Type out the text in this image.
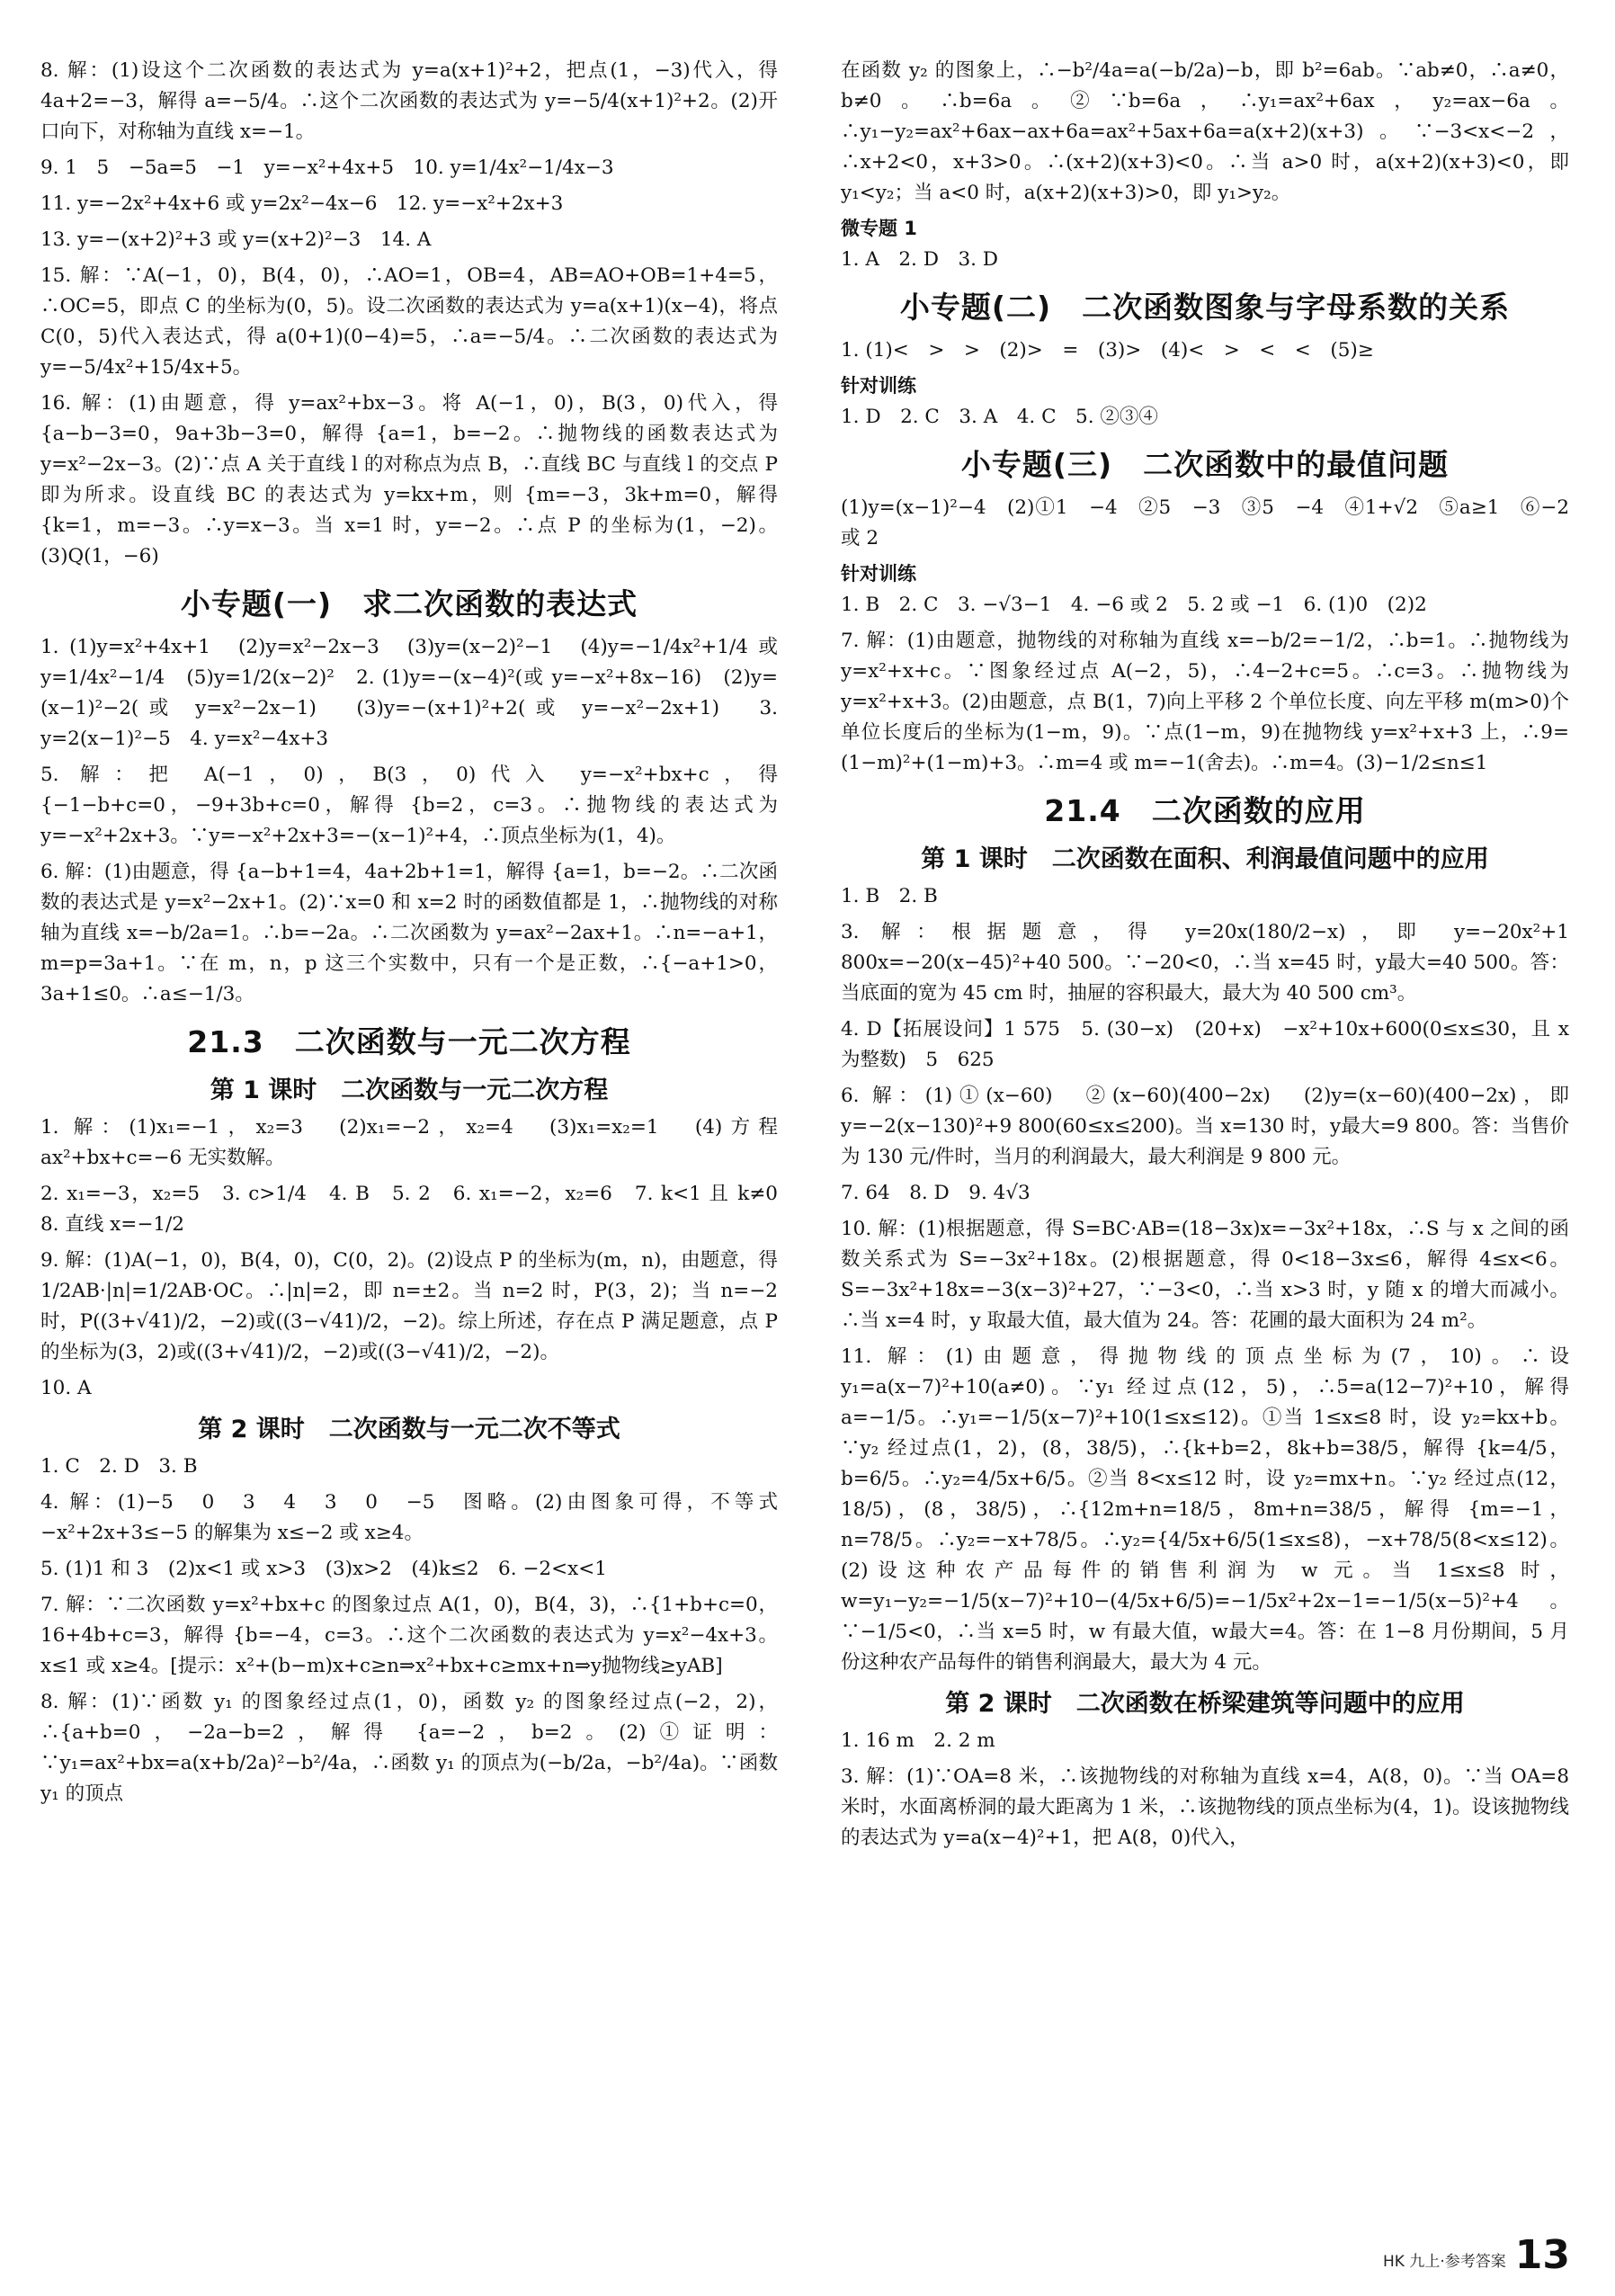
8. 解：(1)设这个二次函数的表达式为 y=a(x+1)²+2，把点(1，−3)代入，得 4a+2=−3，解得 a=−5/4。∴这个二次函数的表达式为 y=−5/4(x+1)²+2。(2)开口向下，对称轴为直线 x=−1。

9. 1　5　−5a=5　−1　y=−x²+4x+5　10. y=1/4x²−1/4x−3

11. y=−2x²+4x+6 或 y=2x²−4x−6　12. y=−x²+2x+3

13. y=−(x+2)²+3 或 y=(x+2)²−3　14. A

15. 解：∵A(−1，0)，B(4，0)，∴AO=1，OB=4，AB=AO+OB=1+4=5，∴OC=5，即点 C 的坐标为(0，5)。设二次函数的表达式为 y=a(x+1)(x−4)，将点 C(0，5)代入表达式，得 a(0+1)(0−4)=5，∴a=−5/4。∴二次函数的表达式为 y=−5/4x²+15/4x+5。

16. 解：(1)由题意，得 y=ax²+bx−3。将 A(−1，0)，B(3，0)代入，得 {a−b−3=0，9a+3b−3=0，解得 {a=1，b=−2。∴抛物线的函数表达式为 y=x²−2x−3。(2)∵点 A 关于直线 l 的对称点为点 B，∴直线 BC 与直线 l 的交点 P 即为所求。设直线 BC 的表达式为 y=kx+m，则 {m=−3，3k+m=0，解得 {k=1，m=−3。∴y=x−3。当 x=1 时，y=−2。∴点 P 的坐标为(1，−2)。(3)Q(1，−6)

小专题(一)　求二次函数的表达式

1. (1)y=x²+4x+1　(2)y=x²−2x−3　(3)y=(x−2)²−1　(4)y=−1/4x²+1/4 或 y=1/4x²−1/4　(5)y=1/2(x−2)²　2. (1)y=−(x−4)²(或 y=−x²+8x−16)　(2)y=(x−1)²−2(或 y=x²−2x−1)　(3)y=−(x+1)²+2(或 y=−x²−2x+1)　3. y=2(x−1)²−5　4. y=x²−4x+3

5. 解：把 A(−1，0)，B(3，0)代入 y=−x²+bx+c，得 {−1−b+c=0，−9+3b+c=0，解得 {b=2，c=3。∴抛物线的表达式为 y=−x²+2x+3。∵y=−x²+2x+3=−(x−1)²+4，∴顶点坐标为(1，4)。

6. 解：(1)由题意，得 {a−b+1=4，4a+2b+1=1，解得 {a=1，b=−2。∴二次函数的表达式是 y=x²−2x+1。(2)∵x=0 和 x=2 时的函数值都是 1，∴抛物线的对称轴为直线 x=−b/2a=1。∴b=−2a。∴二次函数为 y=ax²−2ax+1。∴n=−a+1，m=p=3a+1。∵在 m，n，p 这三个实数中，只有一个是正数，∴{−a+1>0，3a+1≤0。∴a≤−1/3。

21.3　二次函数与一元二次方程
第 1 课时　二次函数与一元二次方程

1. 解：(1)x₁=−1，x₂=3　(2)x₁=−2，x₂=4　(3)x₁=x₂=1　(4)方程 ax²+bx+c=−6 无实数解。

2. x₁=−3，x₂=5　3. c>1/4　4. B　5. 2　6. x₁=−2，x₂=6　7. k<1 且 k≠0　8. 直线 x=−1/2

9. 解：(1)A(−1，0)，B(4，0)，C(0，2)。(2)设点 P 的坐标为(m，n)，由题意，得 1/2AB·|n|=1/2AB·OC。∴|n|=2，即 n=±2。当 n=2 时，P(3，2)；当 n=−2 时，P((3+√41)/2，−2)或((3−√41)/2，−2)。综上所述，存在点 P 满足题意，点 P 的坐标为(3，2)或((3+√41)/2，−2)或((3−√41)/2，−2)。

10. A

第 2 课时　二次函数与一元二次不等式

1. C　2. D　3. B

4. 解：(1)−5　0　3　4　3　0　−5　图略。(2)由图象可得，不等式 −x²+2x+3≤−5 的解集为 x≤−2 或 x≥4。

5. (1)1 和 3　(2)x<1 或 x>3　(3)x>2　(4)k≤2　6. −2<x<1

7. 解：∵二次函数 y=x²+bx+c 的图象过点 A(1，0)，B(4，3)，∴{1+b+c=0，16+4b+c=3，解得 {b=−4，c=3。∴这个二次函数的表达式为 y=x²−4x+3。x≤1 或 x≥4。[提示：x²+(b−m)x+c≥n⇒x²+bx+c≥mx+n⇒y抛物线≥yAB]

8. 解：(1)∵函数 y₁ 的图象经过点(1，0)，函数 y₂ 的图象经过点(−2，2)，∴{a+b=0，−2a−b=2，解得 {a=−2，b=2。(2)①证明：∵y₁=ax²+bx=a(x+b/2a)²−b²/4a，∴函数 y₁ 的顶点为(−b/2a，−b²/4a)。∵函数 y₁ 的顶点

在函数 y₂ 的图象上，∴−b²/4a=a(−b/2a)−b，即 b²=6ab。∵ab≠0，∴a≠0，b≠0。∴b=6a。②∵b=6a，∴y₁=ax²+6ax，y₂=ax−6a。∴y₁−y₂=ax²+6ax−ax+6a=ax²+5ax+6a=a(x+2)(x+3)。∵−3<x<−2，∴x+2<0，x+3>0。∴(x+2)(x+3)<0。∴当 a>0 时，a(x+2)(x+3)<0，即 y₁<y₂；当 a<0 时，a(x+2)(x+3)>0，即 y₁>y₂。

微专题 1

1. A　2. D　3. D

小专题(二)　二次函数图象与字母系数的关系

1. (1)<　>　>　(2)>　=　(3)>　(4)<　>　<　<　(5)≥

针对训练

1. D　2. C　3. A　4. C　5. ②③④

小专题(三)　二次函数中的最值问题

(1)y=(x−1)²−4　(2)①1　−4　②5　−3　③5　−4　④1+√2　⑤a≥1　⑥−2 或 2

针对训练

1. B　2. C　3. −√3−1　4. −6 或 2　5. 2 或 −1　6. (1)0　(2)2

7. 解：(1)由题意，抛物线的对称轴为直线 x=−b/2=−1/2，∴b=1。∴抛物线为 y=x²+x+c。∵图象经过点 A(−2，5)，∴4−2+c=5。∴c=3。∴抛物线为 y=x²+x+3。(2)由题意，点 B(1，7)向上平移 2 个单位长度、向左平移 m(m>0)个单位长度后的坐标为(1−m，9)。∵点(1−m，9)在抛物线 y=x²+x+3 上，∴9=(1−m)²+(1−m)+3。∴m=4 或 m=−1(舍去)。∴m=4。(3)−1/2≤n≤1

21.4　二次函数的应用
第 1 课时　二次函数在面积、利润最值问题中的应用

1. B　2. B

3. 解：根据题意，得 y=20x(180/2−x)，即 y=−20x²+1 800x=−20(x−45)²+40 500。∵−20<0，∴当 x=45 时，y最大=40 500。答：当底面的宽为 45 cm 时，抽屉的容积最大，最大为 40 500 cm³。

4. D【拓展设问】1 575　5. (30−x)　(20+x)　−x²+10x+600(0≤x≤30，且 x 为整数)　5　625

6. 解：(1)①(x−60)　②(x−60)(400−2x)　(2)y=(x−60)(400−2x)，即 y=−2(x−130)²+9 800(60≤x≤200)。当 x=130 时，y最大=9 800。答：当售价为 130 元/件时，当月的利润最大，最大利润是 9 800 元。

7. 64　8. D　9. 4√3

10. 解：(1)根据题意，得 S=BC·AB=(18−3x)x=−3x²+18x，∴S 与 x 之间的函数关系式为 S=−3x²+18x。(2)根据题意，得 0<18−3x≤6，解得 4≤x<6。S=−3x²+18x=−3(x−3)²+27，∵−3<0，∴当 x>3 时，y 随 x 的增大而减小。∴当 x=4 时，y 取最大值，最大值为 24。答：花圃的最大面积为 24 m²。

11. 解：(1)由题意，得抛物线的顶点坐标为(7，10)。∴设 y₁=a(x−7)²+10(a≠0)。∵y₁ 经过点(12，5)，∴5=a(12−7)²+10，解得 a=−1/5。∴y₁=−1/5(x−7)²+10(1≤x≤12)。①当 1≤x≤8 时，设 y₂=kx+b。∵y₂ 经过点(1，2)，(8，38/5)，∴{k+b=2，8k+b=38/5，解得 {k=4/5，b=6/5。∴y₂=4/5x+6/5。②当 8<x≤12 时，设 y₂=mx+n。∵y₂ 经过点(12，18/5)，(8，38/5)，∴{12m+n=18/5，8m+n=38/5，解得 {m=−1，n=78/5。∴y₂=−x+78/5。∴y₂={4/5x+6/5(1≤x≤8)，−x+78/5(8<x≤12)。(2)设这种农产品每件的销售利润为 w 元。当 1≤x≤8 时，w=y₁−y₂=−1/5(x−7)²+10−(4/5x+6/5)=−1/5x²+2x−1=−1/5(x−5)²+4。∵−1/5<0，∴当 x=5 时，w 有最大值，w最大=4。答：在 1−8 月份期间，5 月份这种农产品每件的销售利润最大，最大为 4 元。

第 2 课时　二次函数在桥梁建筑等问题中的应用

1. 16 m　2. 2 m

3. 解：(1)∵OA=8 米，∴该抛物线的对称轴为直线 x=4，A(8，0)。∵当 OA=8 米时，水面离桥洞的最大距离为 1 米，∴该抛物线的顶点坐标为(4，1)。设该抛物线的表达式为 y=a(x−4)²+1，把 A(8，0)代入，

HK 九上·参考答案 13
